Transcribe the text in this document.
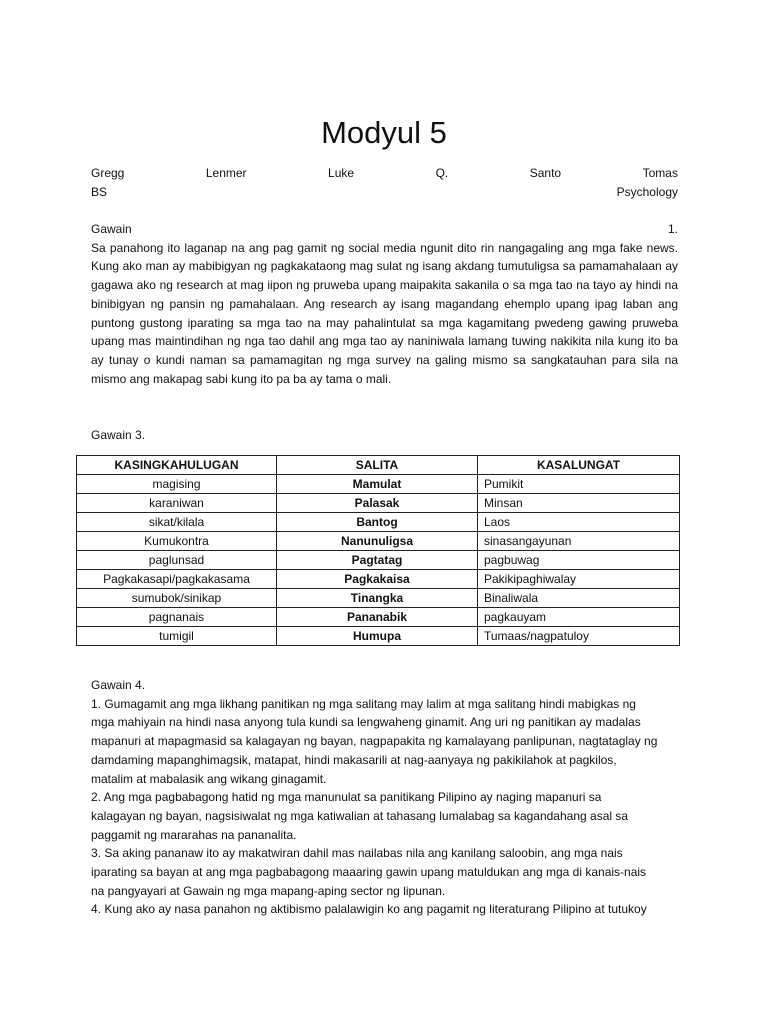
Modyul 5
Gregg	Lenmer	Luke	Q.	Santo	Tomas
BS	Psychology
Gawain	1.

Sa panahong ito laganap na ang pag gamit ng social media ngunit dito rin nangagaling ang mga fake news. Kung ako man ay mabibigyan ng pagkakataong mag sulat ng isang akdang tumutuligsa sa pamamahalaan ay gagawa ako ng research at mag iipon ng pruweba upang maipakita sakanila o sa mga tao na tayo ay hindi na binibigyan ng pansin ng pamahalaan. Ang research ay isang magandang ehemplo upang ipag laban ang puntong gustong iparating sa mga tao na may pahalintulat sa mga kagamitang pwedeng gawing pruweba upang mas maintindihan ng nga tao dahil ang mga tao ay naniniwala lamang tuwing nakikita nila kung ito ba ay tunay o kundi naman sa pamamagitan ng mga survey na galing mismo sa sangkatauhan para sila na mismo ang makapag sabi kung ito pa ba ay tama o mali.

Gawain 3.
KASINGKAHULUGAN	SALITA	KASALUNGAT
magising	Mamulat	Pumikit
karaniwan	Palasak	Minsan
sikat/kilala	Bantog	Laos
Kumukontra	Nanunuligsa	sinasangayunan
paglunsad	Pagtatag	pagbuwag
Pagkakasapi/pagkakasama	Pagkakaisa	Pakikipaghiwalay
sumubok/sinikap	Tinangka	Binaliwala
pagnanais	Pananabik	pagkauyam
tumigil	Humupa	Tumaas/nagpatuloy
Gawain 4.
1. Gumagamit ang mga likhang panitikan ng mga salitang may lalim at mga salitang hindi mabigkas ng
mga mahiyain na hindi nasa anyong tula kundi sa lengwaheng ginamit. Ang uri ng panitikan ay madalas
mapanuri at mapagmasid sa kalagayan ng bayan, nagpapakita ng kamalayang panlipunan, nagtataglay ng
damdaming mapanghimagsik, matapat, hindi makasarili at nag-aanyaya ng pakikilahok at pagkilos,
matalim at mabalasik ang wikang ginagamit.
2. Ang mga pagbabagong hatid ng mga manunulat sa panitikang Pilipino ay naging mapanuri sa
kalagayan ng bayan, nagsisiwalat ng mga katiwalian at tahasang lumalabag sa kagandahang asal sa
paggamit ng mararahas na pananalita.
3. Sa aking pananaw ito ay makatwiran dahil mas nailabas nila ang kanilang saloobin, ang mga nais
iparating sa bayan at ang mga pagbabagong maaaring gawin upang matuldukan ang mga di kanais-nais
na pangyayari at Gawain ng mga mapang-aping sector ng lipunan.
4. Kung ako ay nasa panahon ng aktibismo palalawigin ko ang pagamit ng literaturang Pilipino at tutukoy
